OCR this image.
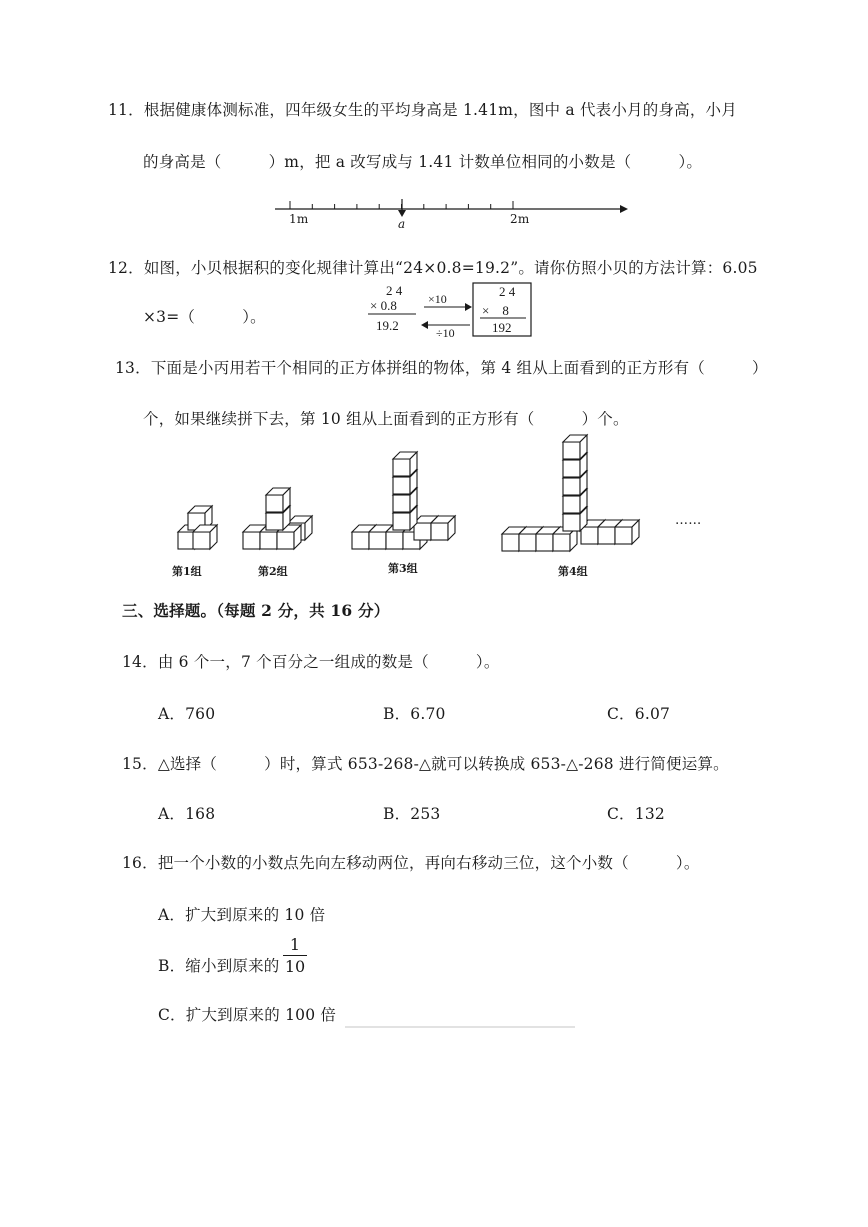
11．根据健康体测标准，四年级女生的平均身高是 1.41m，图中 a 代表小月的身高，小月
的身高是（　　　）m，把 a 改写成与 1.41 计数单位相同的小数是（　　　）。
1m	a	2m
12．如图，小贝根据积的变化规律计算出“24×0.8=19.2”。请你仿照小贝的方法计算：6.05
×3=（　　　）。
2 4
× 0.8
19.2
×10
÷10
2 4
×　8
192
13．下面是小丙用若干个相同的正方体拼组的物体，第 4 组从上面看到的正方形有（　　　）
个，如果继续拼下去，第 10 组从上面看到的正方形有（　　　）个。
第1组	第2组	第3组	第4组
……
三、选择题。（每题 2 分，共 16 分）
14．由 6 个一，7 个百分之一组成的数是（　　　）。
A．760	B．6.70	C．6.07
15．△选择（　　　）时，算式 653-268-△就可以转换成 653-△-268 进行简便运算。
A．168	B．253	C．132
16．把一个小数的小数点先向左移动两位，再向右移动三位，这个小数（　　　）。
A．扩大到原来的 10 倍
B．缩小到原来的
1
10
C．扩大到原来的 100 倍
